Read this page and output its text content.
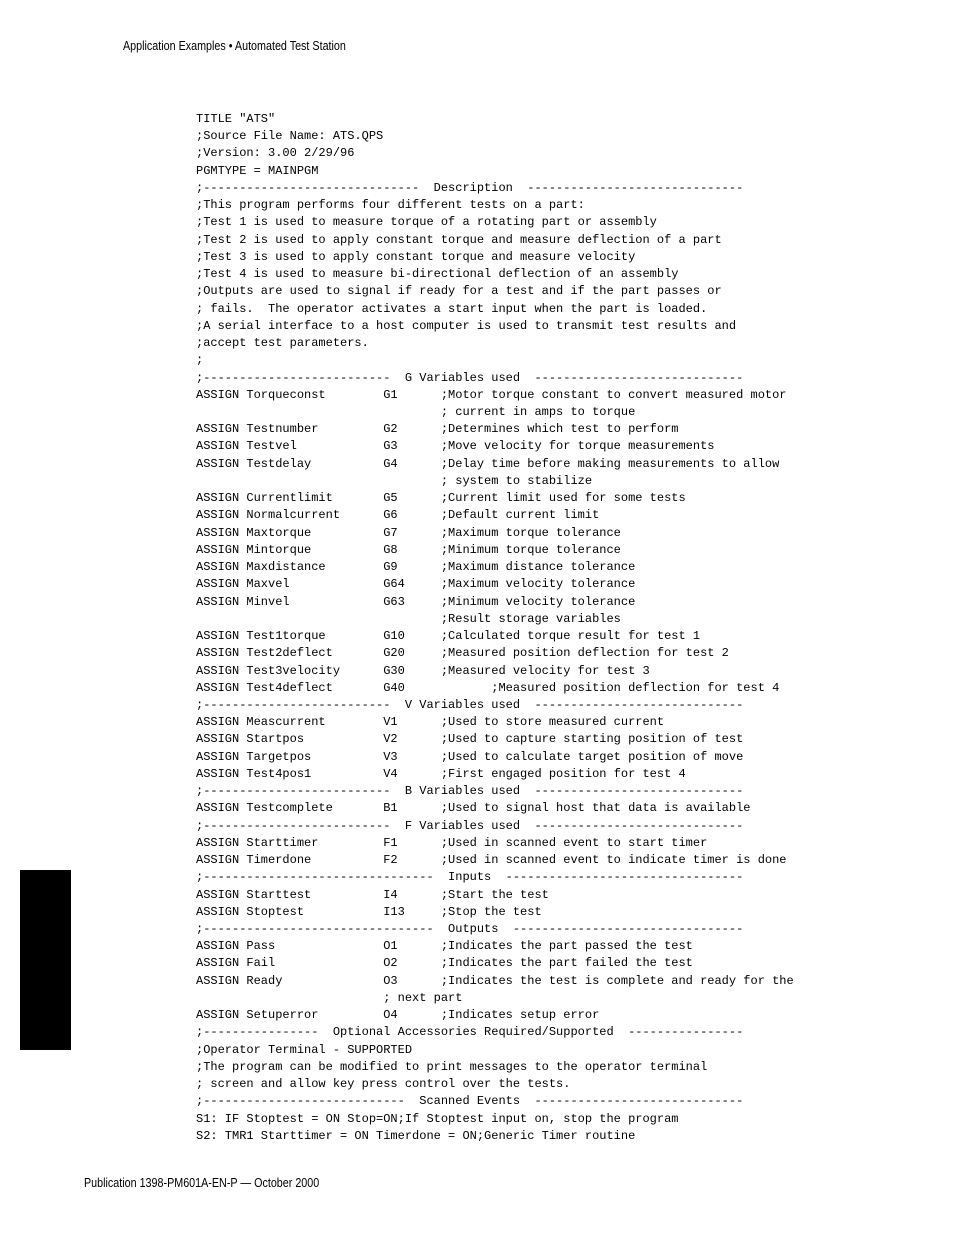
Application Examples • Automated Test Station
TITLE "ATS"
;Source File Name: ATS.QPS
;Version: 3.00 2/29/96
PGMTYPE = MAINPGM
;------------------------------  Description  ------------------------------
;This program performs four different tests on a part:
;Test 1 is used to measure torque of a rotating part or assembly
;Test 2 is used to apply constant torque and measure deflection of a part
;Test 3 is used to apply constant torque and measure velocity
;Test 4 is used to measure bi-directional deflection of an assembly
;Outputs are used to signal if ready for a test and if the part passes or
; fails.  The operator activates a start input when the part is loaded.
;A serial interface to a host computer is used to transmit test results and
;accept test parameters.
;
;--------------------------  G Variables used  -----------------------------
ASSIGN Torqueconst        G1      ;Motor torque constant to convert measured motor
; current in amps to torque
ASSIGN Testnumber         G2      ;Determines which test to perform
ASSIGN Testvel            G3      ;Move velocity for torque measurements
ASSIGN Testdelay          G4      ;Delay time before making measurements to allow
; system to stabilize
ASSIGN Currentlimit       G5      ;Current limit used for some tests
ASSIGN Normalcurrent      G6      ;Default current limit
ASSIGN Maxtorque          G7      ;Maximum torque tolerance
ASSIGN Mintorque          G8      ;Minimum torque tolerance
ASSIGN Maxdistance        G9      ;Maximum distance tolerance
ASSIGN Maxvel             G64     ;Maximum velocity tolerance
ASSIGN Minvel             G63     ;Minimum velocity tolerance
;Result storage variables
ASSIGN Test1torque        G10     ;Calculated torque result for test 1
ASSIGN Test2deflect       G20     ;Measured position deflection for test 2
ASSIGN Test3velocity      G30     ;Measured velocity for test 3
ASSIGN Test4deflect       G40            ;Measured position deflection for test 4
;--------------------------  V Variables used  -----------------------------
ASSIGN Meascurrent        V1      ;Used to store measured current
ASSIGN Startpos           V2      ;Used to capture starting position of test
ASSIGN Targetpos          V3      ;Used to calculate target position of move
ASSIGN Test4pos1          V4      ;First engaged position for test 4
;--------------------------  B Variables used  -----------------------------
ASSIGN Testcomplete       B1      ;Used to signal host that data is available
;--------------------------  F Variables used  -----------------------------
ASSIGN Starttimer         F1      ;Used in scanned event to start timer
ASSIGN Timerdone          F2      ;Used in scanned event to indicate timer is done
;--------------------------------  Inputs  ---------------------------------
ASSIGN Starttest          I4      ;Start the test
ASSIGN Stoptest           I13     ;Stop the test
;--------------------------------  Outputs  --------------------------------
ASSIGN Pass               O1      ;Indicates the part passed the test
ASSIGN Fail               O2      ;Indicates the part failed the test
ASSIGN Ready              O3      ;Indicates the test is complete and ready for the
; next part
ASSIGN Setuperror         O4      ;Indicates setup error
;----------------  Optional Accessories Required/Supported  ----------------
;Operator Terminal - SUPPORTED
;The program can be modified to print messages to the operator terminal
; screen and allow key press control over the tests.
;----------------------------  Scanned Events  -----------------------------
S1: IF Stoptest = ON Stop=ON;If Stoptest input on, stop the program
S2: TMR1 Starttimer = ON Timerdone = ON;Generic Timer routine
Publication 1398-PM601A-EN-P — October 2000
